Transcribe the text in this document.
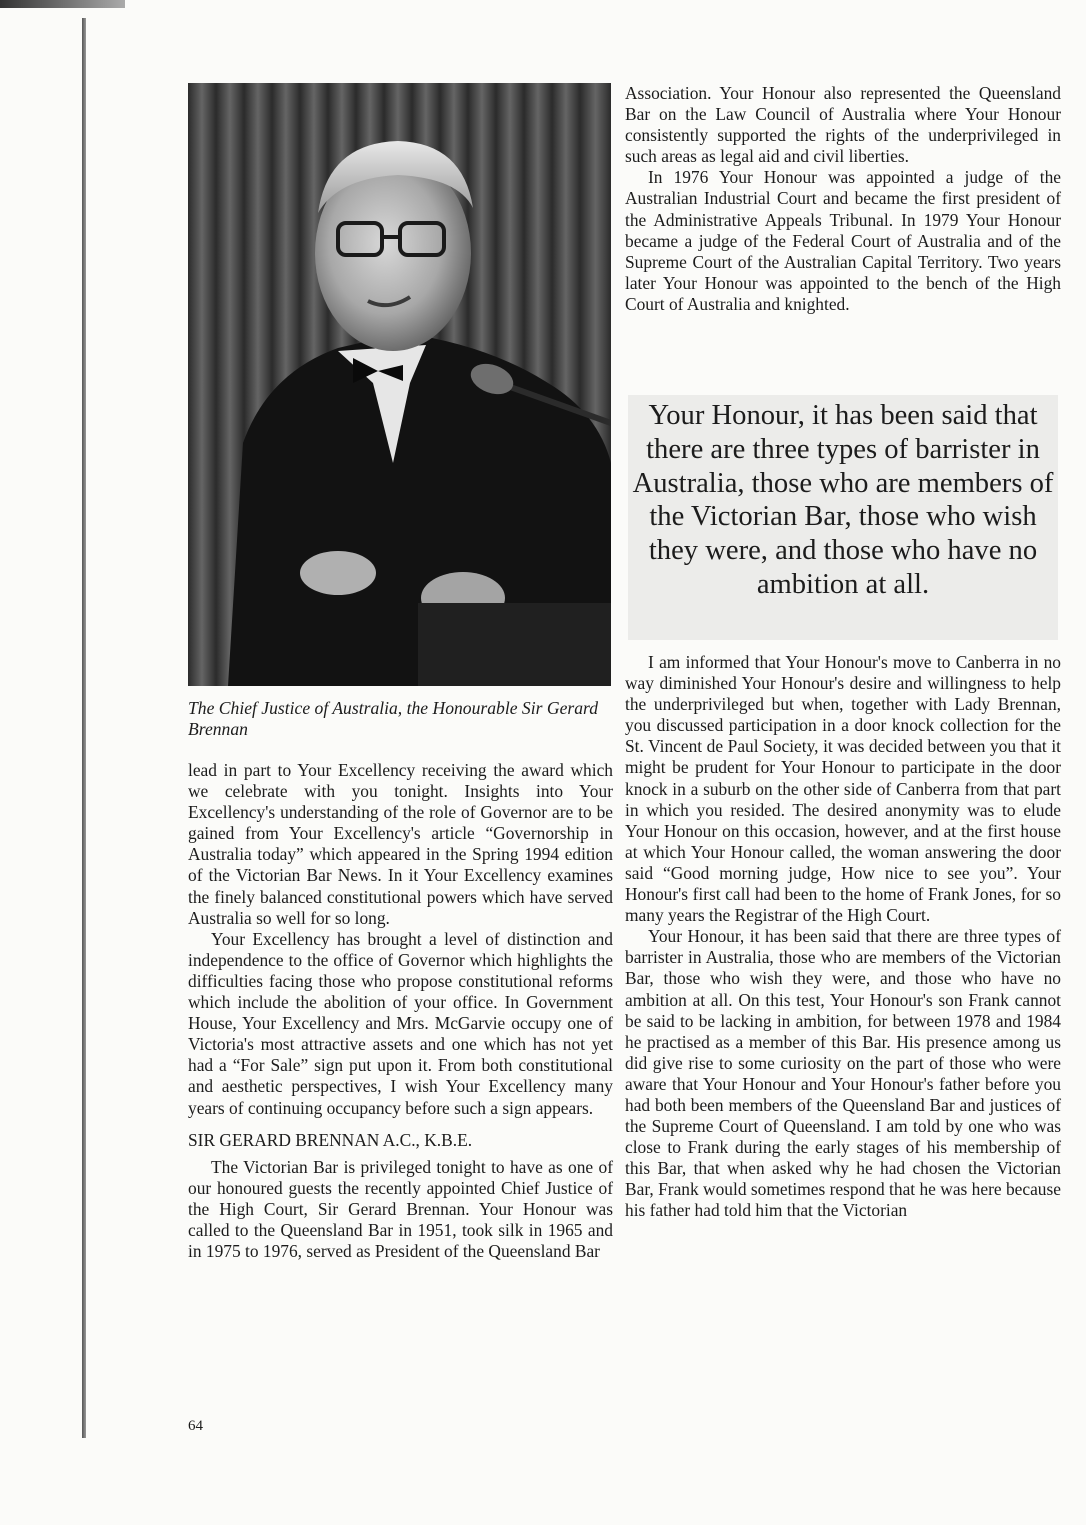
The Chief Justice of Australia, the Honourable Sir Gerard Brennan

lead in part to Your Excellency receiving the award which we celebrate with you tonight. Insights into Your Excellency's understanding of the role of Governor are to be gained from Your Excellency's article “Governorship in Australia today” which appeared in the Spring 1994 edition of the Victorian Bar News. In it Your Excellency examines the finely balanced constitutional powers which have served Australia so well for so long.

Your Excellency has brought a level of distinction and independence to the office of Governor which highlights the difficulties facing those who propose constitutional reforms which include the abolition of your office. In Government House, Your Excellency and Mrs. McGarvie occupy one of Victoria's most attractive assets and one which has not yet had a “For Sale” sign put upon it. From both constitutional and aesthetic perspectives, I wish Your Excellency many years of continuing occupancy before such a sign appears.

SIR GERARD BRENNAN A.C., K.B.E.

The Victorian Bar is privileged tonight to have as one of our honoured guests the recently appointed Chief Justice of the High Court, Sir Gerard Brennan. Your Honour was called to the Queensland Bar in 1951, took silk in 1965 and in 1975 to 1976, served as President of the Queensland Bar

Association. Your Honour also represented the Queensland Bar on the Law Council of Australia where Your Honour consistently supported the rights of the underprivileged in such areas as legal aid and civil liberties.

In 1976 Your Honour was appointed a judge of the Australian Industrial Court and became the first president of the Administrative Appeals Tribunal. In 1979 Your Honour became a judge of the Federal Court of Australia and of the Supreme Court of the Australian Capital Territory. Two years later Your Honour was appointed to the bench of the High Court of Australia and knighted.

Your Honour, it has been said that there are three types of barrister in Australia, those who are members of the Victorian Bar, those who wish they were, and those who have no ambition at all.

I am informed that Your Honour's move to Canberra in no way diminished Your Honour's desire and willingness to help the underprivileged but when, together with Lady Brennan, you discussed participation in a door knock collection for the St. Vincent de Paul Society, it was decided between you that it might be prudent for Your Honour to participate in the door knock in a suburb on the other side of Canberra from that part in which you resided. The desired anonymity was to elude Your Honour on this occasion, however, and at the first house at which Your Honour called, the woman answering the door said “Good morning judge, How nice to see you”. Your Honour's first call had been to the home of Frank Jones, for so many years the Registrar of the High Court.

Your Honour, it has been said that there are three types of barrister in Australia, those who are members of the Victorian Bar, those who wish they were, and those who have no ambition at all. On this test, Your Honour's son Frank cannot be said to be lacking in ambition, for between 1978 and 1984 he practised as a member of this Bar. His presence among us did give rise to some curiosity on the part of those who were aware that Your Honour and Your Honour's father before you had both been members of the Queensland Bar and justices of the Supreme Court of Queensland. I am told by one who was close to Frank during the early stages of his membership of this Bar, that when asked why he had chosen the Victorian Bar, Frank would sometimes respond that he was here because his father had told him that the Victorian

64
